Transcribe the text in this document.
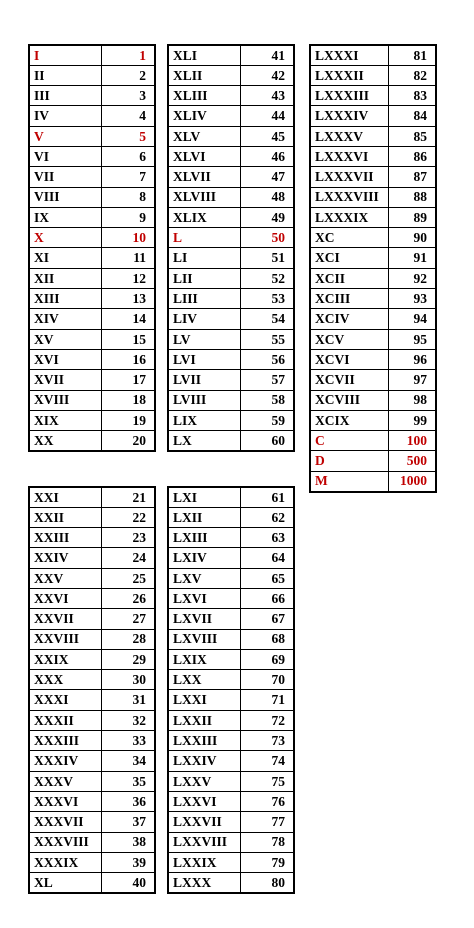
I	1
II	2
III	3
IV	4
V	5
VI	6
VII	7
VIII	8
IX	9
X	10
XI	11
XII	12
XIII	13
XIV	14
XV	15
XVI	16
XVII	17
XVIII	18
XIX	19
XX	20
XLI	41
XLII	42
XLIII	43
XLIV	44
XLV	45
XLVI	46
XLVII	47
XLVIII	48
XLIX	49
L	50
LI	51
LII	52
LIII	53
LIV	54
LV	55
LVI	56
LVII	57
LVIII	58
LIX	59
LX	60
LXXXI	81
LXXXII	82
LXXXIII	83
LXXXIV	84
LXXXV	85
LXXXVI	86
LXXXVII	87
LXXXVIII	88
LXXXIX	89
XC	90
XCI	91
XCII	92
XCIII	93
XCIV	94
XCV	95
XCVI	96
XCVII	97
XCVIII	98
XCIX	99
C	100
D	500
M	1000
XXI	21
XXII	22
XXIII	23
XXIV	24
XXV	25
XXVI	26
XXVII	27
XXVIII	28
XXIX	29
XXX	30
XXXI	31
XXXII	32
XXXIII	33
XXXIV	34
XXXV	35
XXXVI	36
XXXVII	37
XXXVIII	38
XXXIX	39
XL	40
LXI	61
LXII	62
LXIII	63
LXIV	64
LXV	65
LXVI	66
LXVII	67
LXVIII	68
LXIX	69
LXX	70
LXXI	71
LXXII	72
LXXIII	73
LXXIV	74
LXXV	75
LXXVI	76
LXXVII	77
LXXVIII	78
LXXIX	79
LXXX	80
